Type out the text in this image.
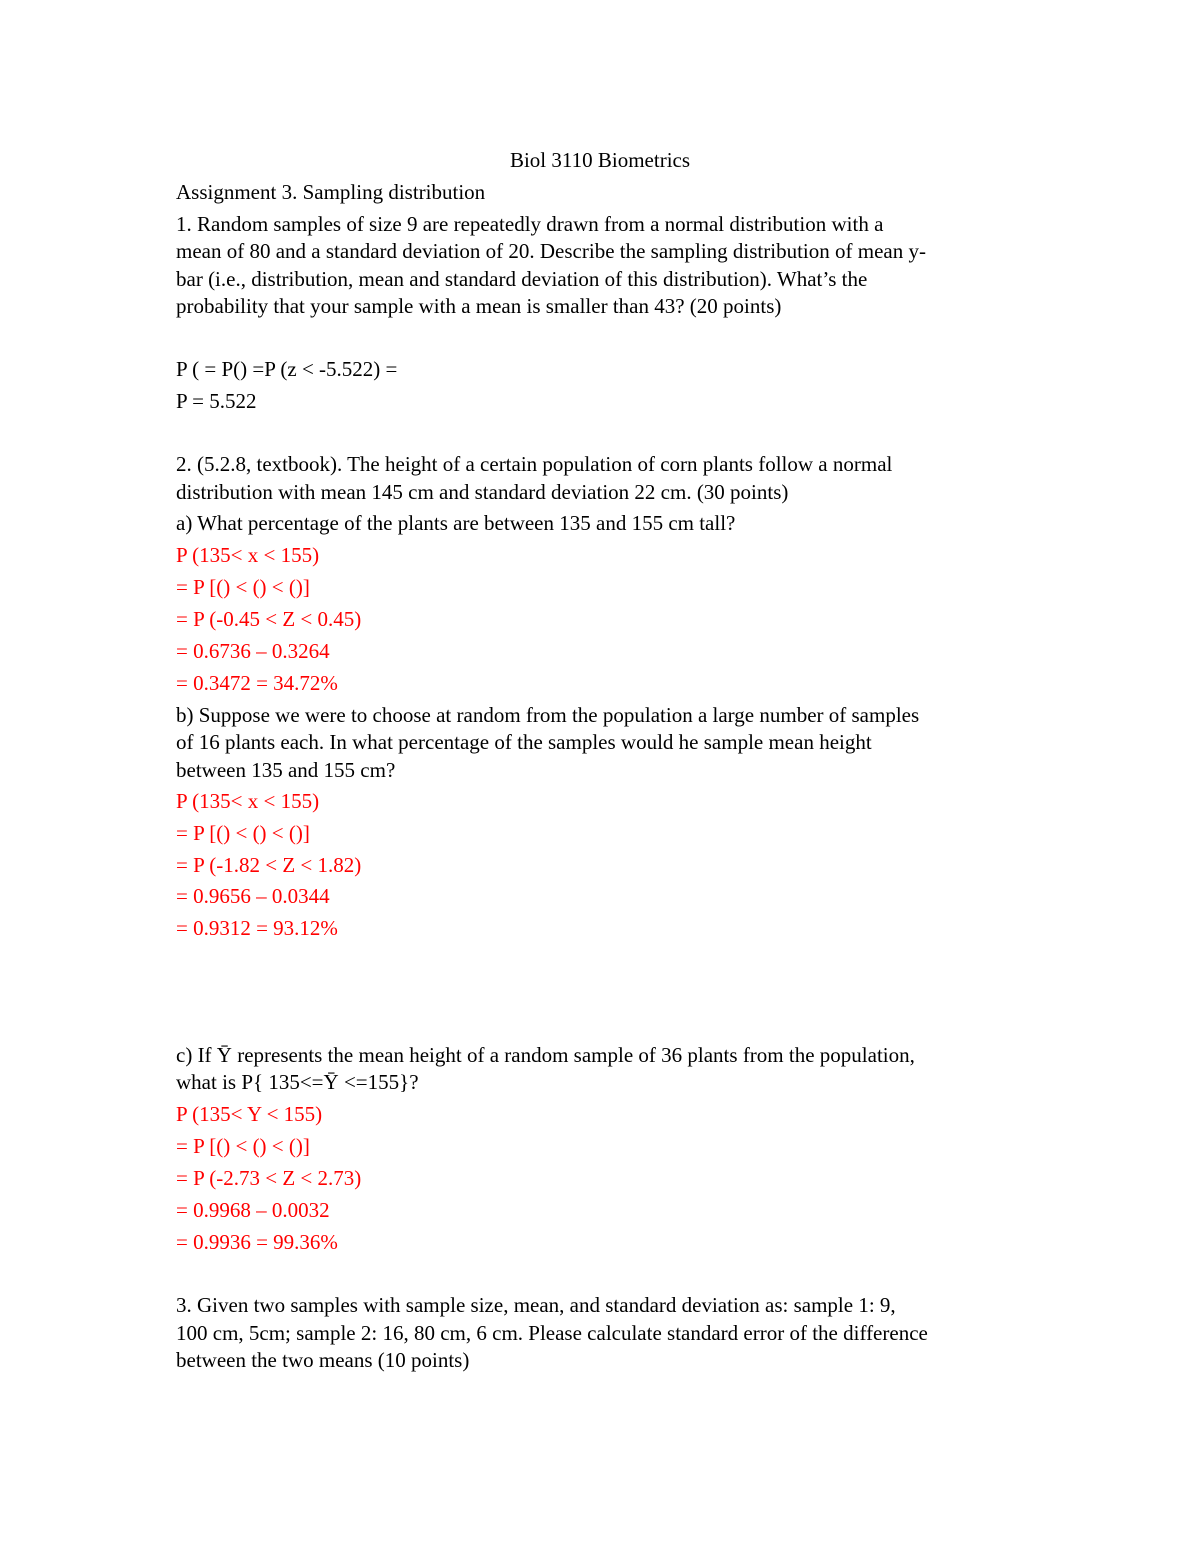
Biol 3110 Biometrics
Assignment 3. Sampling distribution
1. Random samples of size 9 are repeatedly drawn from a normal distribution with a
mean of 80 and a standard deviation of 20. Describe the sampling distribution of mean y-
bar (i.e., distribution, mean and standard deviation of this distribution). What’s the
probability that your sample with a mean is smaller than 43? (20 points)
P ( = P() =P (z < -5.522) =
P = 5.522
2. (5.2.8, textbook). The height of a certain population of corn plants follow a normal
distribution with mean 145 cm and standard deviation 22 cm. (30 points)
a) What percentage of the plants are between 135 and 155 cm tall?
P (135< x < 155)
= P [() < () < ()]
= P (-0.45 < Z < 0.45)
= 0.6736 – 0.3264
= 0.3472 = 34.72%
b) Suppose we were to choose at random from the population a large number of samples
of 16 plants each. In what percentage of the samples would he sample mean height
between 135 and 155 cm?
P (135< x < 155)
= P [() < () < ()]
= P (-1.82 < Z < 1.82)
= 0.9656 – 0.0344
= 0.9312 = 93.12%
c) If Ȳ represents the mean height of a random sample of 36 plants from the population,
what is P{ 135<=Ȳ <=155}?
P (135< Y < 155)
= P [() < () < ()]
= P (-2.73 < Z < 2.73)
= 0.9968 – 0.0032
= 0.9936 = 99.36%
3. Given two samples with sample size, mean, and standard deviation as: sample 1: 9,
100 cm, 5cm; sample 2: 16, 80 cm, 6 cm. Please calculate standard error of the difference
between the two means (10 points)
